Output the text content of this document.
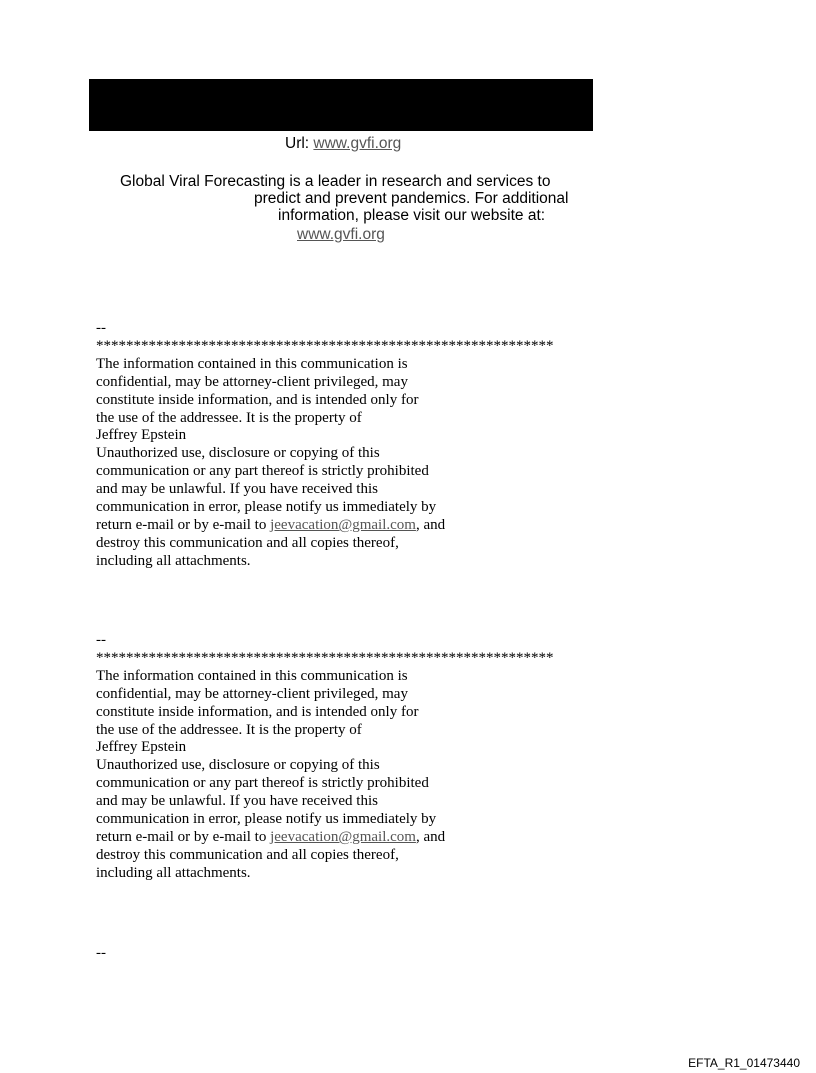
Url: www.gvfi.org
Global Viral Forecasting is a leader in research and services to
predict and prevent pandemics. For additional
information, please visit our website at:
www.gvfi.org
--
*************************************************************
The information contained in this communication is
confidential, may be attorney-client privileged, may
constitute inside information, and is intended only for
the use of the addressee. It is the property of
Jeffrey Epstein
Unauthorized use, disclosure or copying of this
communication or any part thereof is strictly prohibited
and may be unlawful. If you have received this
communication in error, please notify us immediately by
return e-mail or by e-mail to jeevacation@gmail.com, and
destroy this communication and all copies thereof,
including all attachments.
--
*************************************************************
The information contained in this communication is
confidential, may be attorney-client privileged, may
constitute inside information, and is intended only for
the use of the addressee. It is the property of
Jeffrey Epstein
Unauthorized use, disclosure or copying of this
communication or any part thereof is strictly prohibited
and may be unlawful. If you have received this
communication in error, please notify us immediately by
return e-mail or by e-mail to jeevacation@gmail.com, and
destroy this communication and all copies thereof,
including all attachments.
--
EFTA_R1_01473440
